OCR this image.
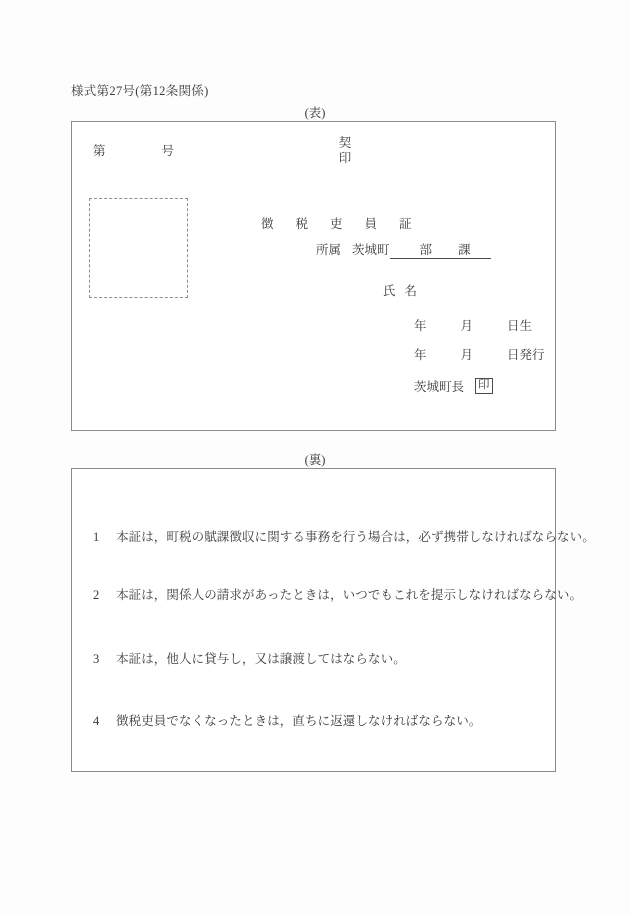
様式第27号(第12条関係)
(表)
第	号
契
印
徴税吏員証
所属 茨城町 部 課
氏 名
年	月	日生
年	月	日発行
茨城町長 印
(裏)
1 本証は，町税の賦課徴収に関する事務を行う場合は，必ず携帯しなければならない。
2 本証は，関係人の請求があったときは，いつでもこれを提示しなければならない。
3 本証は，他人に貸与し，又は譲渡してはならない。
4 徴税吏員でなくなったときは，直ちに返還しなければならない。
